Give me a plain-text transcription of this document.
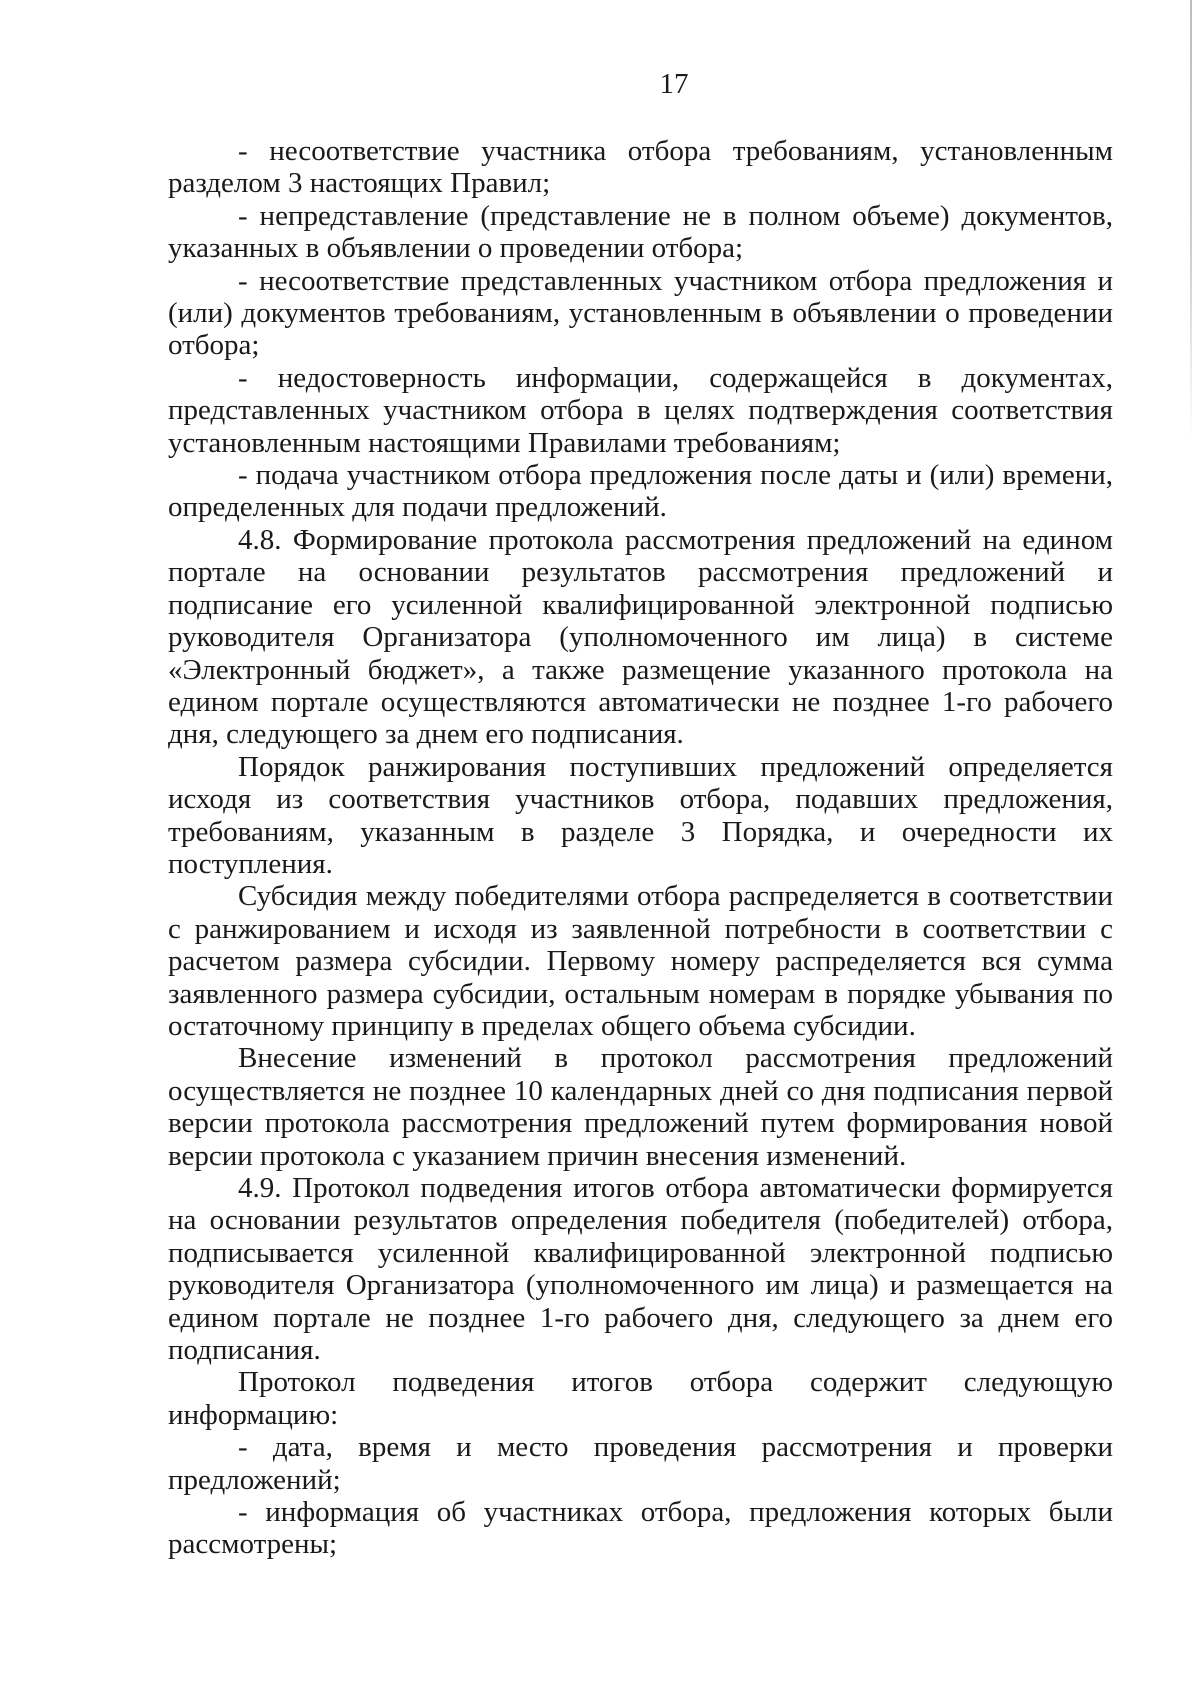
17

- несоответствие участника отбора требованиям, установленным разделом 3 настоящих Правил;

- непредставление (представление не в полном объеме) документов, указанных в объявлении о проведении отбора;

- несоответствие представленных участником отбора предложения и (или) документов требованиям, установленным в объявлении о проведении отбора;

- недостоверность информации, содержащейся в документах, представленных участником отбора в целях подтверждения соответствия установленным настоящими Правилами требованиям;

- подача участником отбора предложения после даты и (или) времени, определенных для подачи предложений.

4.8. Формирование протокола рассмотрения предложений на едином портале на основании результатов рассмотрения предложений и подписание его усиленной квалифицированной электронной подписью руководителя Организатора (уполномоченного им лица) в системе «Электронный бюджет», а также размещение указанного протокола на едином портале осуществляются автоматически не позднее 1-го рабочего дня, следующего за днем его подписания.

Порядок ранжирования поступивших предложений определяется исходя из соответствия участников отбора, подавших предложения, требованиям, указанным в разделе 3 Порядка, и очередности их поступления.

Субсидия между победителями отбора распределяется в соответствии с ранжированием и исходя из заявленной потребности в соответствии с расчетом размера субсидии. Первому номеру распределяется вся сумма заявленного размера субсидии, остальным номерам в порядке убывания по остаточному принципу в пределах общего объема субсидии.

Внесение изменений в протокол рассмотрения предложений осуществляется не позднее 10 календарных дней со дня подписания первой версии протокола рассмотрения предложений путем формирования новой версии протокола с указанием причин внесения изменений.

4.9. Протокол подведения итогов отбора автоматически формируется на основании результатов определения победителя (победителей) отбора, подписывается усиленной квалифицированной электронной подписью руководителя Организатора (уполномоченного им лица) и размещается на едином портале не позднее 1-го рабочего дня, следующего за днем его подписания.

Протокол подведения итогов отбора содержит следующую информацию:

- дата, время и место проведения рассмотрения и проверки предложений;

- информация об участниках отбора, предложения которых были рассмотрены;
